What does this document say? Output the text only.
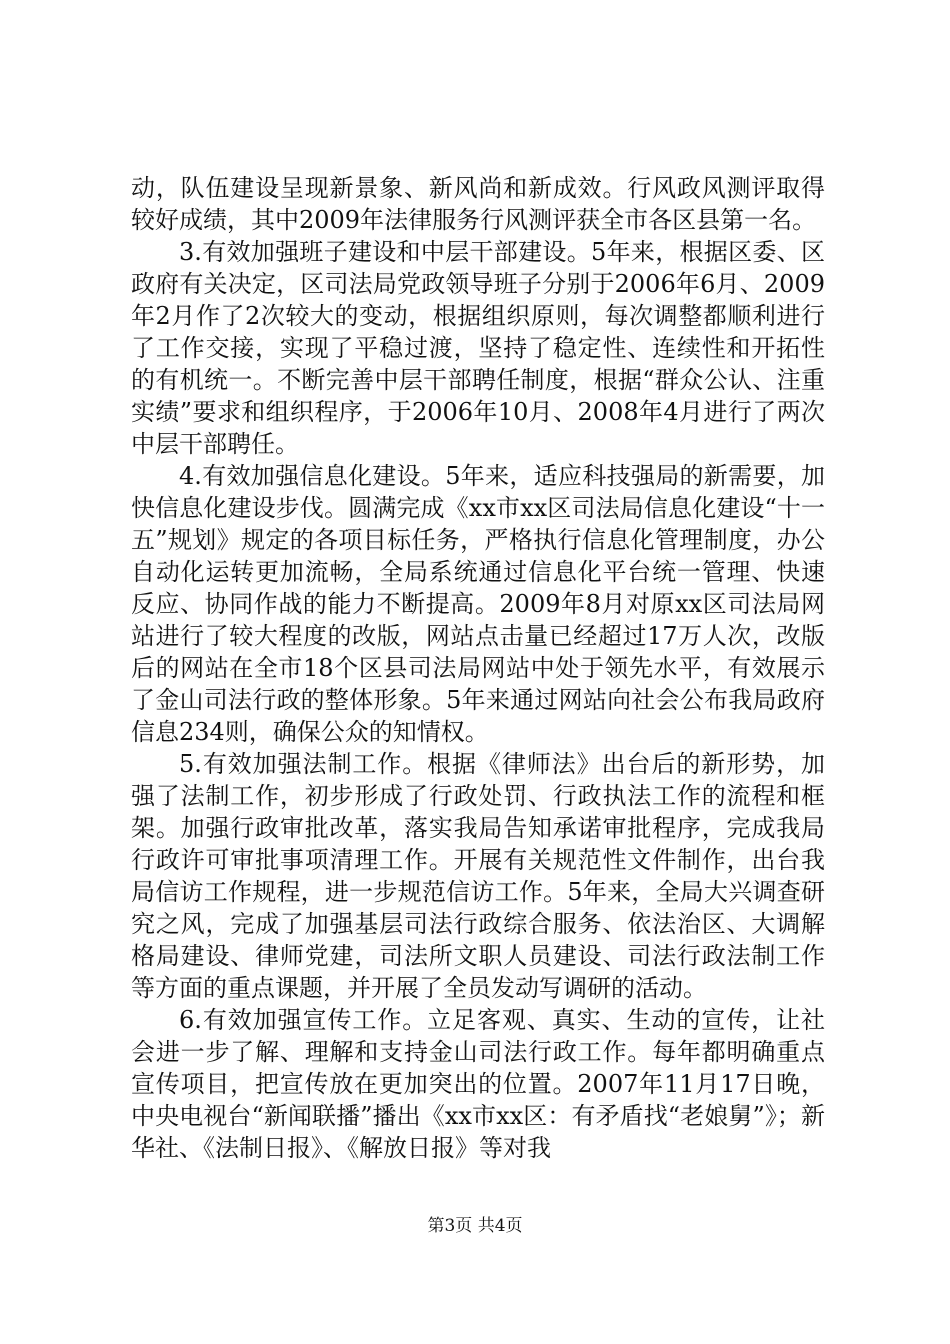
动，队伍建设呈现新景象、新风尚和新成效。行风政风测评取得较好成绩，其中2009年法律服务行风测评获全市各区县第一名。

3.有效加强班子建设和中层干部建设。5年来，根据区委、区政府有关决定，区司法局党政领导班子分别于2006年6月、2009年2月作了2次较大的变动，根据组织原则，每次调整都顺利进行了工作交接，实现了平稳过渡，坚持了稳定性、连续性和开拓性的有机统一。不断完善中层干部聘任制度，根据“群众公认、注重实绩”要求和组织程序，于2006年10月、2008年4月进行了两次中层干部聘任。

4.有效加强信息化建设。5年来，适应科技强局的新需要，加快信息化建设步伐。圆满完成《xx市xx区司法局信息化建设“十一五”规划》规定的各项目标任务，严格执行信息化管理制度，办公自动化运转更加流畅，全局系统通过信息化平台统一管理、快速反应、协同作战的能力不断提高。2009年8月对原xx区司法局网站进行了较大程度的改版，网站点击量已经超过17万人次，改版后的网站在全市18个区县司法局网站中处于领先水平，有效展示了金山司法行政的整体形象。5年来通过网站向社会公布我局政府信息234则，确保公众的知情权。

5.有效加强法制工作。根据《律师法》出台后的新形势，加强了法制工作，初步形成了行政处罚、行政执法工作的流程和框架。加强行政审批改革，落实我局告知承诺审批程序，完成我局行政许可审批事项清理工作。开展有关规范性文件制作，出台我局信访工作规程，进一步规范信访工作。5年来，全局大兴调查研究之风，完成了加强基层司法行政综合服务、依法治区、大调解格局建设、律师党建，司法所文职人员建设、司法行政法制工作等方面的重点课题，并开展了全员发动写调研的活动。

6.有效加强宣传工作。立足客观、真实、生动的宣传，让社会进一步了解、理解和支持金山司法行政工作。每年都明确重点宣传项目，把宣传放在更加突出的位置。2007年11月17日晚，中央电视台“新闻联播”播出《xx市xx区：有矛盾找“老娘舅”》；新华社、《法制日报》、《解放日报》等对我

第3页 共4页
